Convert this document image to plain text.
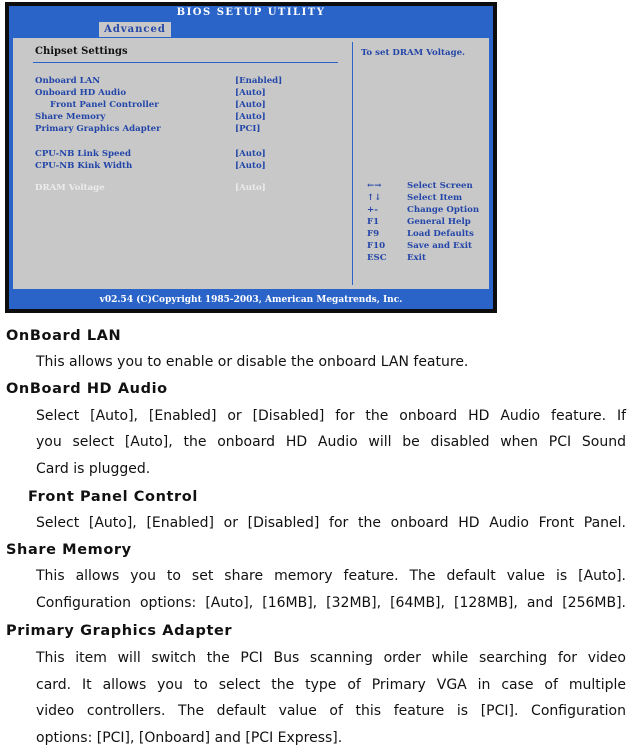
BIOS SETUP UTILITY
Advanced
Chipset Settings
Onboard LAN	[Enabled]
Onboard HD Audio	[Auto]
Front Panel Controller	[Auto]
Share Memory	[Auto]
Primary Graphics Adapter	[PCI]
CPU-NB Link Speed	[Auto]
CPU-NB Kink Width	[Auto]
DRAM Voltage	[Auto]
To set DRAM Voltage.
←→	Select Screen
↑↓	Select Item
+-	Change Option
F1	General Help
F9	Load Defaults
F10	Save and Exit
ESC	Exit
v02.54 (C)Copyright 1985-2003, American Megatrends, Inc.
OnBoard LAN
This allows you to enable or disable the onboard LAN feature.
OnBoard HD Audio
Select [Auto], [Enabled] or [Disabled] for the onboard HD Audio feature. If
you select [Auto], the onboard HD Audio will be disabled when PCI Sound
Card is plugged.
Front Panel Control
Select [Auto], [Enabled] or [Disabled] for the onboard HD Audio Front Panel.
Share Memory
This allows you to set share memory feature. The default value is [Auto].
Configuration options: [Auto], [16MB], [32MB], [64MB], [128MB], and [256MB].
Primary Graphics Adapter
This item will switch the PCI Bus scanning order while searching for video
card. It allows you to select the type of Primary VGA in case of multiple
video controllers. The default value of this feature is [PCI]. Configuration
options: [PCI], [Onboard] and [PCI Express].
